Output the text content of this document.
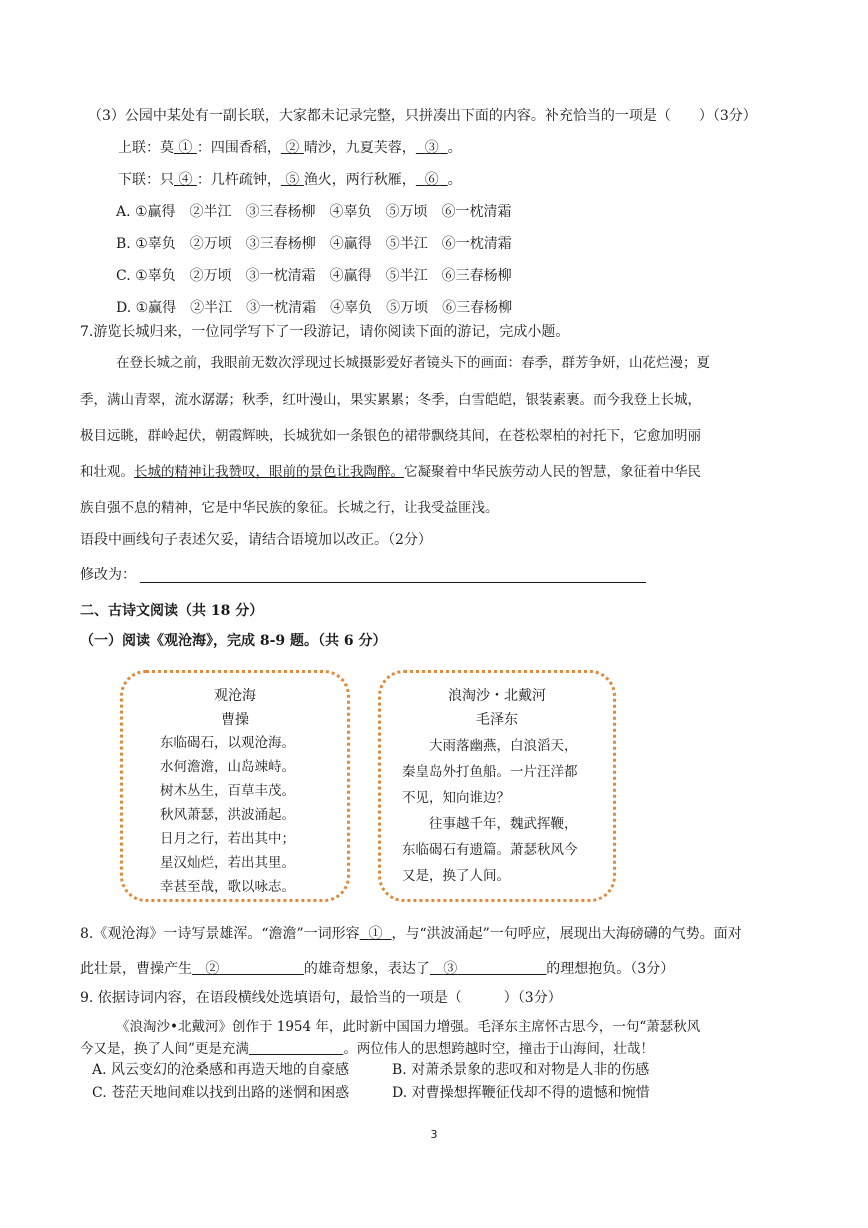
（3）公园中某处有一副长联，大家都未记录完整，只拼凑出下面的内容。补充恰当的一项是（　　）（3分）
上联：莫 ① ：四围香稻， ② 晴沙，九夏芙蓉， ③ 。
下联：只 ④ ：几杵疏钟， ⑤ 渔火，两行秋雁， ⑥ 。
A. ①赢得　②半江　③三春杨柳　④辜负　⑤万顷　⑥一枕清霜
B. ①辜负　②万顷　③三春杨柳　④赢得　⑤半江　⑥一枕清霜
C. ①辜负　②万顷　③一枕清霜　④赢得　⑤半江　⑥三春杨柳
D. ①赢得　②半江　③一枕清霜　④辜负　⑤万顷　⑥三春杨柳
7.游览长城归来，一位同学写下了一段游记，请你阅读下面的游记，完成小题。
在登长城之前，我眼前无数次浮现过长城摄影爱好者镜头下的画面：春季，群芳争妍，山花烂漫；夏
季，满山青翠，流水潺潺；秋季，红叶漫山，果实累累；冬季，白雪皑皑，银装素裹。而今我登上长城，
极目远眺，群岭起伏，朝霞辉映，长城犹如一条银色的裙带飘绕其间，在苍松翠柏的衬托下，它愈加明丽
和壮观。长城的精神让我赞叹，眼前的景色让我陶醉。它凝聚着中华民族劳动人民的智慧，象征着中华民
族自强不息的精神，它是中华民族的象征。长城之行，让我受益匪浅。
语段中画线句子表述欠妥，请结合语境加以改正。（2分）
修改为：
二、古诗文阅读（共 18 分）
（一）阅读《观沧海》，完成 8-9 题。（共 6 分）
观沧海
曹操
东临碣石，以观沧海。
水何澹澹，山岛竦峙。
树木丛生，百草丰茂。
秋风萧瑟，洪波涌起。
日月之行，若出其中；
星汉灿烂，若出其里。
幸甚至哉，歌以咏志。
浪淘沙・北戴河
毛泽东
　　大雨落幽燕，白浪滔天，
秦皇岛外打鱼船。一片汪洋都
不见，知向谁边？
　　往事越千年，魏武挥鞭，
东临碣石有遗篇。萧瑟秋风今
又是，换了人间。
8.《观沧海》一诗写景雄浑。“澹澹”一词形容 ① ，与“洪波涌起”一句呼应，展现出大海磅礴的气势。面对
此壮景，曹操产生 ②	的雄奇想象，表达了 ③	的理想抱负。（3分）
9. 依据诗词内容，在语段横线处选填语句，最恰当的一项是（　　　）（3分）
《浪淘沙•北戴河》创作于 1954 年，此时新中国国力增强。毛泽东主席怀古思今，一句“萧瑟秋风
今又是，换了人间”更是充满	。两位伟人的思想跨越时空，撞击于山海间，壮哉！
A. 风云变幻的沧桑感和再造天地的自豪感	B. 对萧杀景象的悲叹和对物是人非的伤感
C. 苍茫天地间难以找到出路的迷惘和困惑	D. 对曹操想挥鞭征伐却不得的遗憾和惋惜
3
